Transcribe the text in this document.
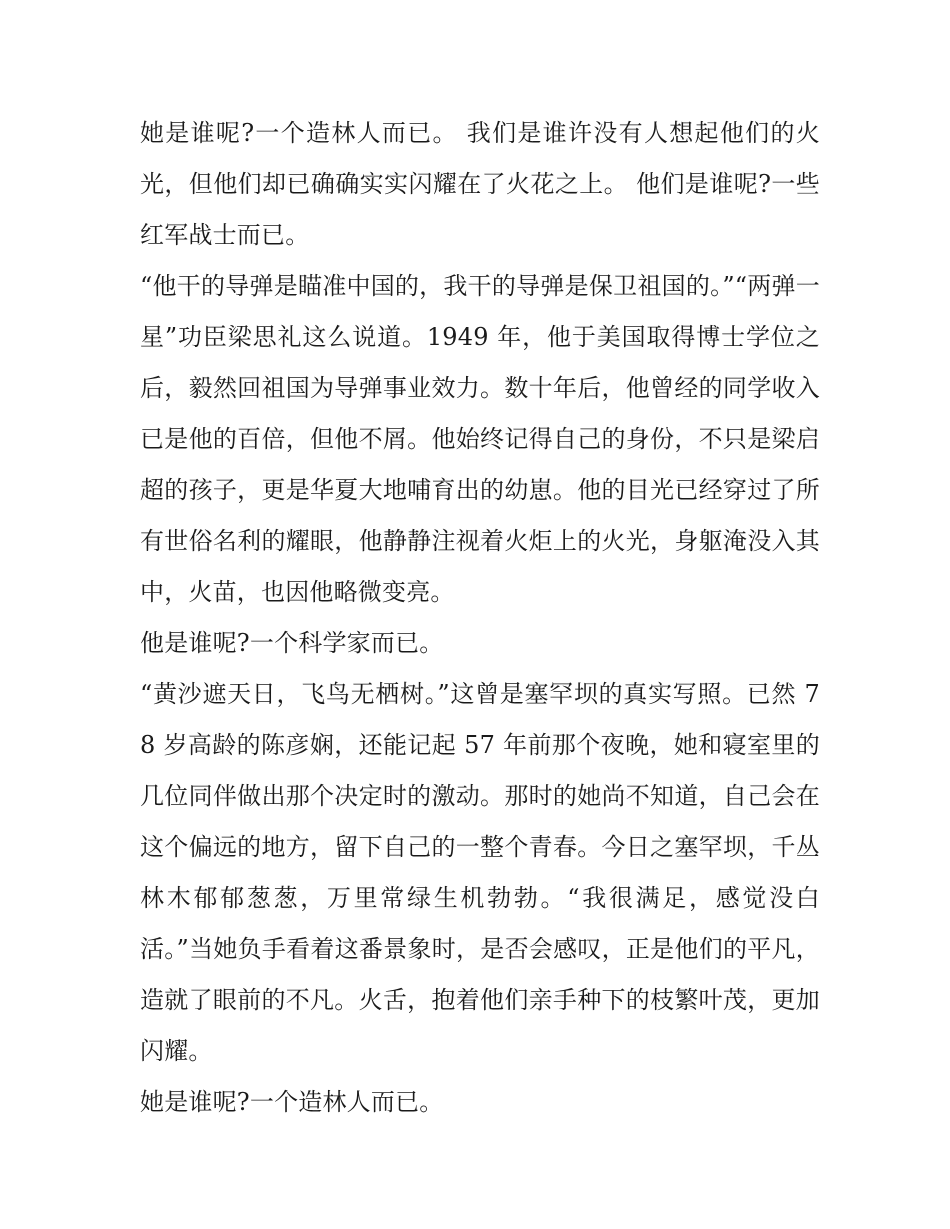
她是谁呢?一个造林人而已。 我们是谁许没有人想起他们的火光，但他们却已确确实实闪耀在了火花之上。 他们是谁呢?一些红军战士而已。

“他干的导弹是瞄准中国的，我干的导弹是保卫祖国的。”“两弹一星”功臣梁思礼这么说道。1949 年，他于美国取得博士学位之后，毅然回祖国为导弹事业效力。数十年后，他曾经的同学收入已是他的百倍，但他不屑。他始终记得自己的身份，不只是梁启超的孩子，更是华夏大地哺育出的幼崽。他的目光已经穿过了所有世俗名利的耀眼，他静静注视着火炬上的火光，身躯淹没入其中，火苗，也因他略微变亮。

他是谁呢?一个科学家而已。

“黄沙遮天日，飞鸟无栖树。”这曾是塞罕坝的真实写照。已然 78 岁高龄的陈彦娴，还能记起 57 年前那个夜晚，她和寝室里的几位同伴做出那个决定时的激动。那时的她尚不知道，自己会在这个偏远的地方，留下自己的一整个青春。今日之塞罕坝，千丛林木郁郁葱葱，万里常绿生机勃勃。“我很满足，感觉没白活。”当她负手看着这番景象时，是否会感叹，正是他们的平凡，造就了眼前的不凡。火舌，抱着他们亲手种下的枝繁叶茂，更加闪耀。

她是谁呢?一个造林人而已。
